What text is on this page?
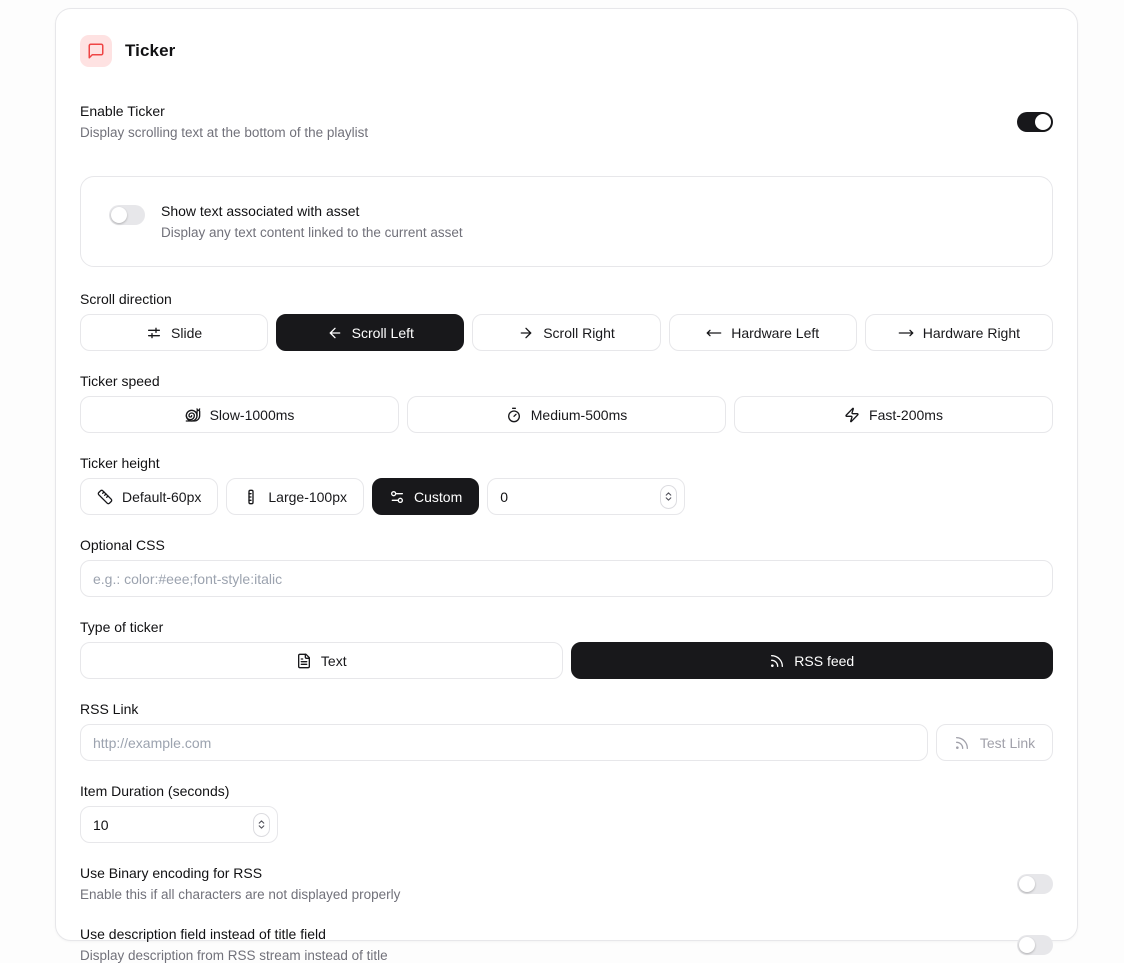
Ticker
Enable Ticker
Display scrolling text at the bottom of the playlist
Show text associated with asset
Display any text content linked to the current asset
Scroll direction
Slide	Scroll Left	Scroll Right	Hardware Left	Hardware Right
Ticker speed
Slow-1000ms	Medium-500ms	Fast-200ms
Ticker height
Default-60px	Large-100px	Custom
0
Optional CSS
e.g.: color:#eee;font-style:italic
Type of ticker
Text	RSS feed
RSS Link
http://example.com
Test Link
Item Duration (seconds)
10
Use Binary encoding for RSS
Enable this if all characters are not displayed properly
Use description field instead of title field
Display description from RSS stream instead of title
